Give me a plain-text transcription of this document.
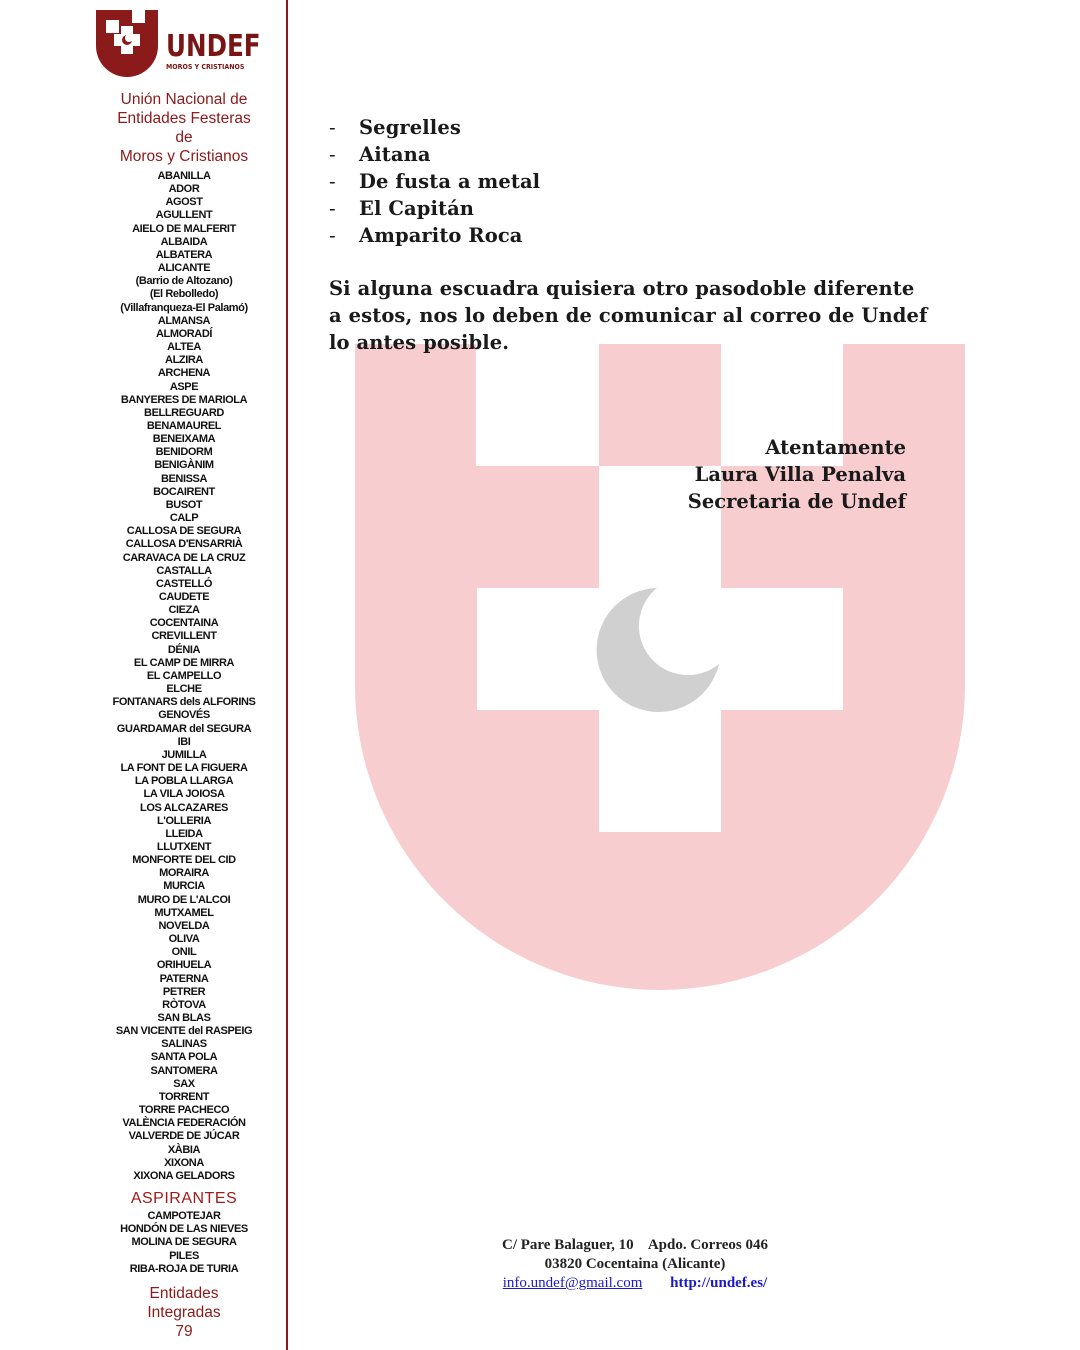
UNDEF
MOROS Y CRISTIANOS
Unión Nacional de
Entidades Festeras
de
Moros y Cristianos
ABANILLA
ADOR
AGOST
AGULLENT
AIELO DE MALFERIT
ALBAIDA
ALBATERA
ALICANTE
(Barrio de Altozano)
(El Rebolledo)
(Villafranqueza-El Palamó)
ALMANSA
ALMORADÍ
ALTEA
ALZIRA
ARCHENA
ASPE
BANYERES DE MARIOLA
BELLREGUARD
BENAMAUREL
BENEIXAMA
BENIDORM
BENIGÀNIM
BENISSA
BOCAIRENT
BUSOT
CALP
CALLOSA DE SEGURA
CALLOSA D'ENSARRIÀ
CARAVACA DE LA CRUZ
CASTALLA
CASTELLÓ
CAUDETE
CIEZA
COCENTAINA
CREVILLENT
DÉNIA
EL CAMP DE MIRRA
EL CAMPELLO
ELCHE
FONTANARS dels ALFORINS
GENOVÉS
GUARDAMAR del SEGURA
IBI
JUMILLA
LA FONT DE LA FIGUERA
LA POBLA LLARGA
LA VILA JOIOSA
LOS ALCAZARES
L'OLLERIA
LLEIDA
LLUTXENT
MONFORTE DEL CID
MORAIRA
MURCIA
MURO DE L'ALCOI
MUTXAMEL
NOVELDA
OLIVA
ONIL
ORIHUELA
PATERNA
PETRER
RÒTOVA
SAN BLAS
SAN VICENTE del RASPEIG
SALINAS
SANTA POLA
SANTOMERA
SAX
TORRENT
TORRE PACHECO
VALÈNCIA FEDERACIÓN
VALVERDE DE JÚCAR
XÀBIA
XIXONA
XIXONA GELADORS
ASPIRANTES
CAMPOTEJAR
HONDÓN DE LAS NIEVES
MOLINA DE SEGURA
PILES
RIBA-ROJA DE TURIA
Entidades
Integradas
79
- Segrelles
- Aitana
- De fusta a metal
- El Capitán
- Amparito Roca
Si alguna escuadra quisiera otro pasodoble diferente a estos, nos lo deben de comunicar al correo de Undef lo antes posible.
Atentamente
Laura Villa Penalva
Secretaria de Undef
C/ Pare Balaguer, 10    Apdo. Correos 046
03820 Cocentaina (Alicante)
info.undef@gmail.com http://undef.es/
